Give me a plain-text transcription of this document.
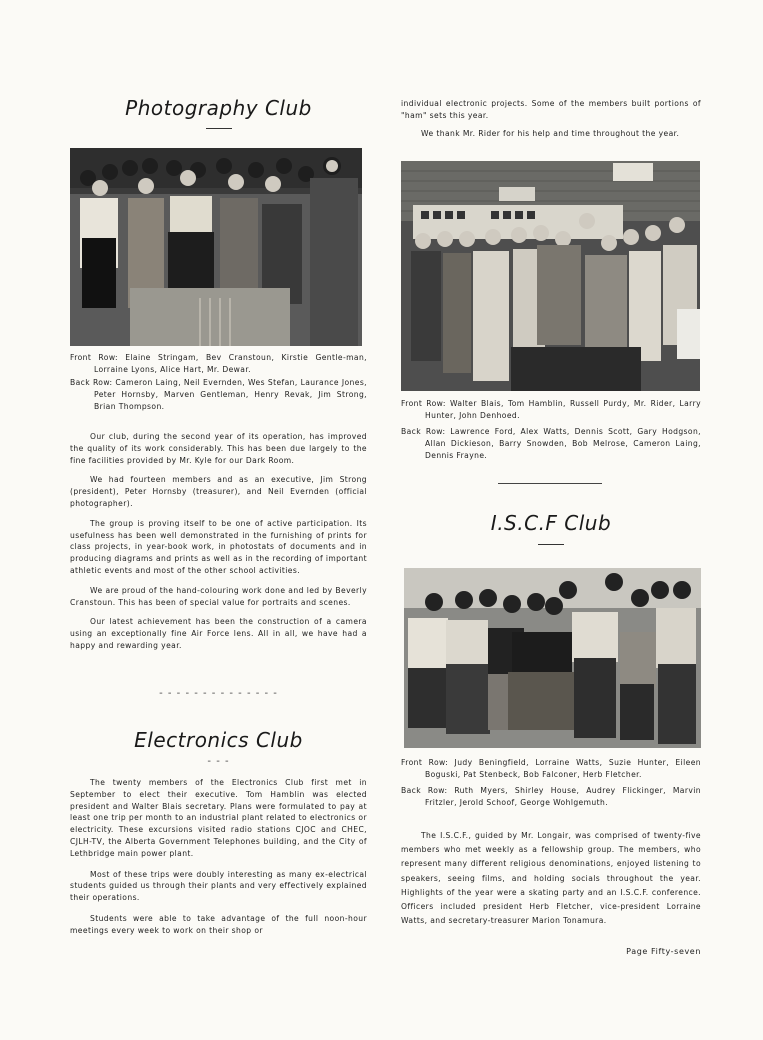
Photography Club
Front Row: Elaine Stringam, Bev Cranstoun, Kirstie Gentle-man, Lorraine Lyons, Alice Hart, Mr. Dewar.
Back Row: Cameron Laing, Neil Evernden, Wes Stefan, Laurance Jones, Peter Hornsby, Marven Gentleman, Henry Revak, Jim Strong, Brian Thompson.

Our club, during the second year of its operation, has improved the quality of its work considerably. This has been due largely to the fine facilities provided by Mr. Kyle for our Dark Room.

We had fourteen members and as an executive, Jim Strong (president), Peter Hornsby (treasurer), and Neil Evernden (official photographer).

The group is proving itself to be one of active participation. Its usefulness has been well demonstrated in the furnishing of prints for class projects, in year-book work, in photostats of documents and in producing diagrams and prints as well as in the recording of important athletic events and most of the other school activities.

We are proud of the hand-colouring work done and led by Beverly Cranstoun. This has been of special value for portraits and scenes.

Our latest achievement has been the construction of a camera using an exceptionally fine Air Force lens. All in all, we have had a happy and rewarding year.

- - - - - - - - - - - - - -
Electronics Club
- - -

The twenty members of the Electronics Club first met in September to elect their executive. Tom Hamblin was elected president and Walter Blais secretary. Plans were formulated to pay at least one trip per month to an industrial plant related to electronics or electricity. These excursions visited radio stations CJOC and CHEC, CJLH-TV, the Alberta Government Telephones building, and the City of Lethbridge main power plant.

Most of these trips were doubly interesting as many ex-electrical students guided us through their plants and very effectively explained their operations.

Students were able to take advantage of the full noon-hour meetings every week to work on their shop or

individual electronic projects. Some of the members built portions of "ham" sets this year.

We thank Mr. Rider for his help and time throughout the year.

Front Row: Walter Blais, Tom Hamblin, Russell Purdy, Mr. Rider, Larry Hunter, John Denhoed.
Back Row: Lawrence Ford, Alex Watts, Dennis Scott, Gary Hodgson, Allan Dickieson, Barry Snowden, Bob Melrose, Cameron Laing, Dennis Frayne.
I.S.C.F Club
Front Row: Judy Beningfield, Lorraine Watts, Suzie Hunter, Eileen Boguski, Pat Stenbeck, Bob Falconer, Herb Fletcher.
Back Row: Ruth Myers, Shirley House, Audrey Flickinger, Marvin Fritzler, Jerold Schoof, George Wohlgemuth.

The I.S.C.F., guided by Mr. Longair, was comprised of twenty-five members who met weekly as a fellowship group. The members, who represent many different religious denominations, enjoyed listening to speakers, seeing films, and holding socials throughout the year. Highlights of the year were a skating party and an I.S.C.F. conference. Officers included president Herb Fletcher, vice-president Lorraine Watts, and secretary-treasurer Marion Tonamura.

Page Fifty-seven
